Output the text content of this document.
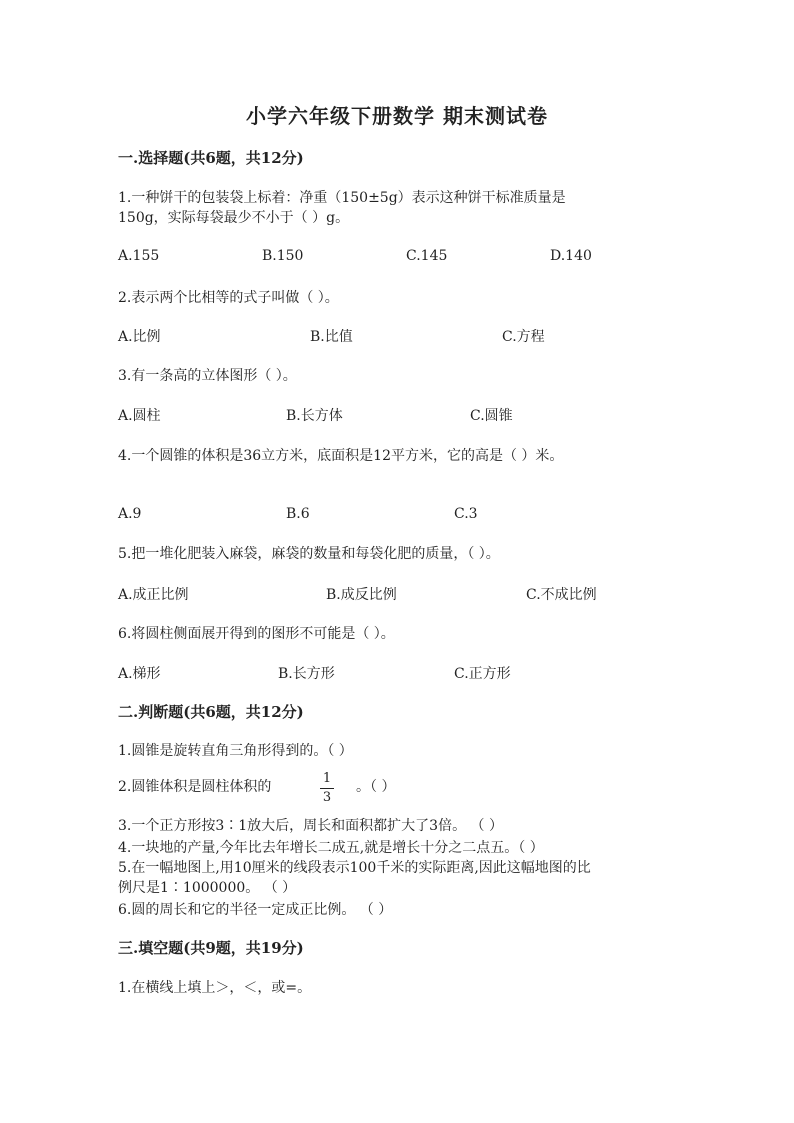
小学六年级下册数学 期末测试卷
一.选择题(共6题，共12分)
1.一种饼干的包装袋上标着：净重（150±5g）表示这种饼干标准质量是
150g，实际每袋最少不小于（ ）g。
A.155	B.150	C.145	D.140
2.表示两个比相等的式子叫做（ ）。
A.比例	B.比值	C.方程
3.有一条高的立体图形（ ）。
A.圆柱	B.长方体	C.圆锥
4.一个圆锥的体积是36立方米，底面积是12平方米，它的高是（ ）米。
A.9	B.6	C.3
5.把一堆化肥装入麻袋，麻袋的数量和每袋化肥的质量，（ ）。
A.成正比例	B.成反比例	C.不成比例
6.将圆柱侧面展开得到的图形不可能是（ ）。
A.梯形	B.长方形	C.正方形
二.判断题(共6题，共12分)
1.圆锥是旋转直角三角形得到的。（ ）
2.圆锥体积是圆柱体积的
1
3
。（ ）
3.一个正方形按3∶1放大后，周长和面积都扩大了3倍。 （ ）
4.一块地的产量,今年比去年增长二成五,就是增长十分之二点五。（ ）
5.在一幅地图上,用10厘米的线段表示100千米的实际距离,因此这幅地图的比
例尺是1∶1000000。 （ ）
6.圆的周长和它的半径一定成正比例。 （ ）
三.填空题(共9题，共19分)
1.在横线上填上＞，＜，或=。
